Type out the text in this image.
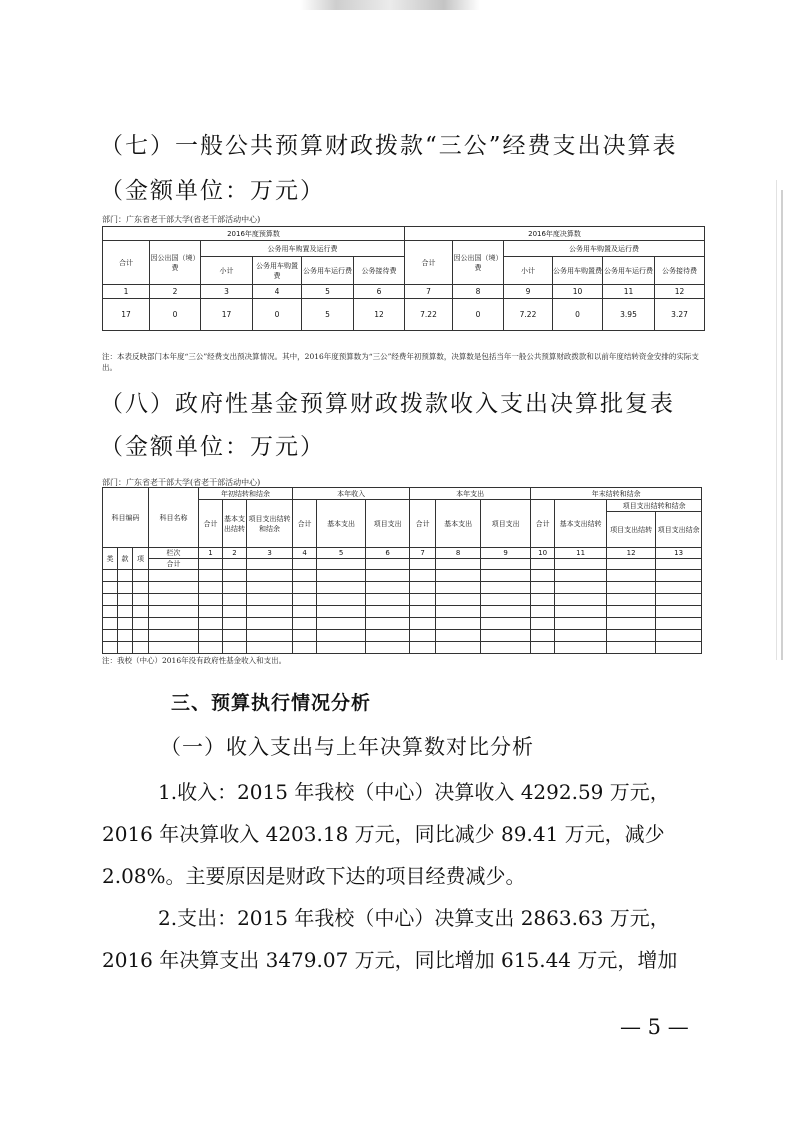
（七）一般公共预算财政拨款“三公”经费支出决算表
（金额单位：万元）
部门：广东省老干部大学(省老干部活动中心)
2016年度预算数						2016年度决算数					
合计	因公出国（境）费	公务用车购置及运行费				合计	因公出国（境）费	公务用车购置及运行费			
		小计	公务用车购置费	公务用车运行费	公务接待费			小计	公务用车购置费	公务用车运行费	公务接待费
1	2	3	4	5	6	7	8	9	10	11	12
17	0	17	0	5	12	7.22	0	7.22	0	3.95	3.27
注：本表反映部门本年度“三公”经费支出预决算情况。其中，2016年度预算数为“三公”经费年初预算数，决算数是包括当年一般公共预算财政拨款和以前年度结转资金安排的实际支出。
（八）政府性基金预算财政拨款收入支出决算批复表
（金额单位：万元）
部门：广东省老干部大学(省老干部活动中心)
科目编码			科目名称	年初结转和结余			本年收入			本年支出			年末结转和结余			
				合计	基本支出结转	项目支出结转和结余	合计	基本支出	项目支出	合计	基本支出	项目支出	合计	基本支出结转	项目支出结转和结余	
															项目支出结转	项目支出结余
类	款	项	栏次	1	2	3	4	5	6	7	8	9	10	11	12	13
			合计													

注：我校（中心）2016年没有政府性基金收入和支出。
三、预算执行情况分析
（一）收入支出与上年决算数对比分析
1.收入：2015 年我校（中心）决算收入 4292.59 万元，
2016 年决算收入 4203.18 万元，同比减少 89.41 万元，减少
2.08%。主要原因是财政下达的项目经费减少。
2.支出：2015 年我校（中心）决算支出 2863.63 万元，
2016 年决算支出 3479.07 万元，同比增加 615.44 万元，增加
— 5 —
